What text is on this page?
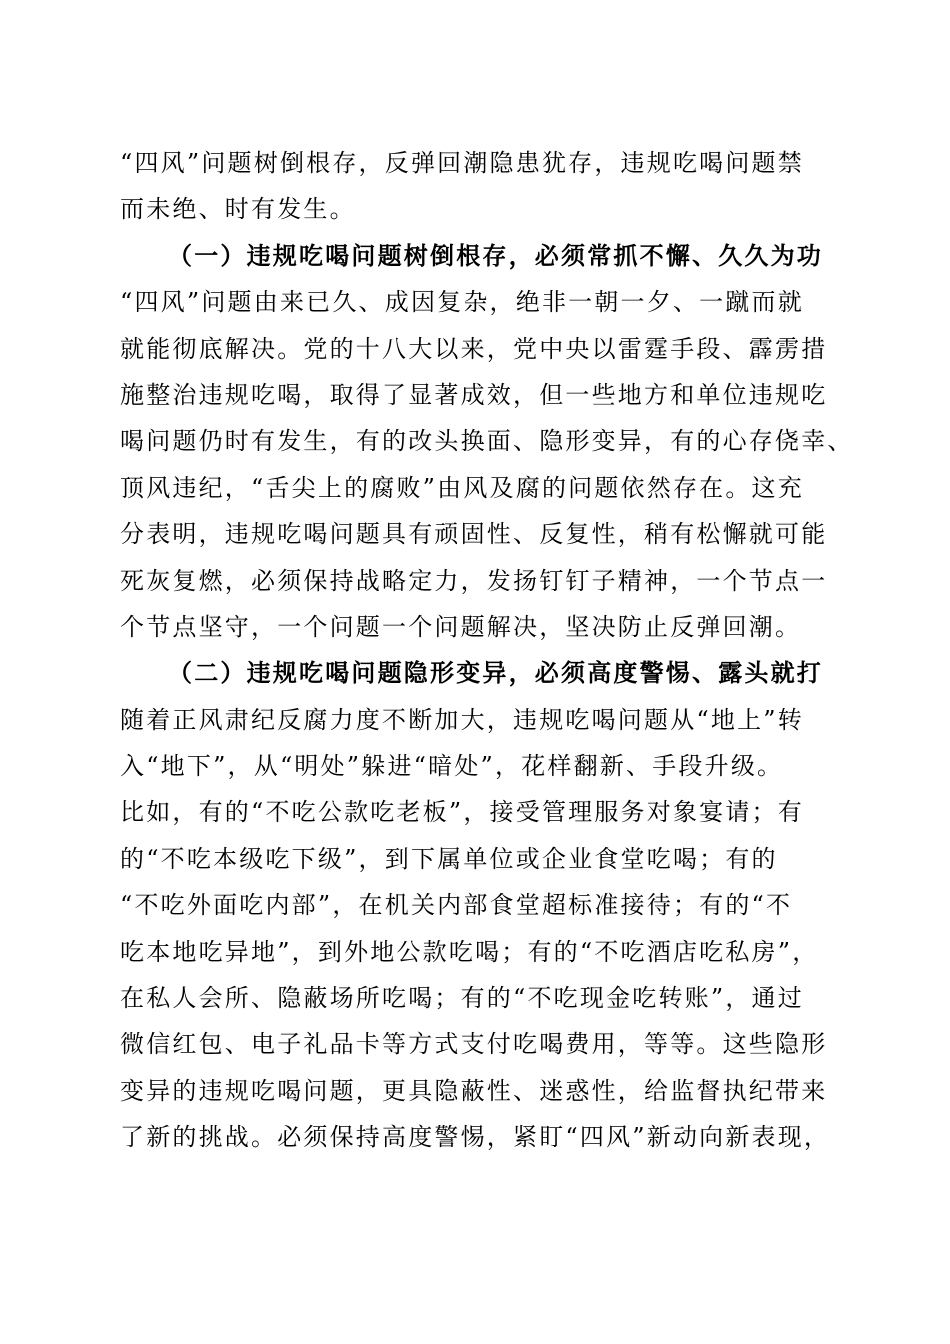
“四风”问题树倒根存，反弹回潮隐患犹存，违规吃喝问题禁
而未绝、时有发生。
（一）违规吃喝问题树倒根存，必须常抓不懈、久久为功
“四风”问题由来已久、成因复杂，绝非一朝一夕、一蹴而就
就能彻底解决。党的十八大以来，党中央以雷霆手段、霹雳措
施整治违规吃喝，取得了显著成效，但一些地方和单位违规吃
喝问题仍时有发生，有的改头换面、隐形变异，有的心存侥幸、
顶风违纪，“舌尖上的腐败”由风及腐的问题依然存在。这充
分表明，违规吃喝问题具有顽固性、反复性，稍有松懈就可能
死灰复燃，必须保持战略定力，发扬钉钉子精神，一个节点一
个节点坚守，一个问题一个问题解决，坚决防止反弹回潮。
（二）违规吃喝问题隐形变异，必须高度警惕、露头就打
随着正风肃纪反腐力度不断加大，违规吃喝问题从“地上”转
入“地下”，从“明处”躲进“暗处”，花样翻新、手段升级。
比如，有的“不吃公款吃老板”，接受管理服务对象宴请；有
的“不吃本级吃下级”，到下属单位或企业食堂吃喝；有的
“不吃外面吃内部”，在机关内部食堂超标准接待；有的“不
吃本地吃异地”，到外地公款吃喝；有的“不吃酒店吃私房”，
在私人会所、隐蔽场所吃喝；有的“不吃现金吃转账”，通过
微信红包、电子礼品卡等方式支付吃喝费用，等等。这些隐形
变异的违规吃喝问题，更具隐蔽性、迷惑性，给监督执纪带来
了新的挑战。必须保持高度警惕，紧盯“四风”新动向新表现，
